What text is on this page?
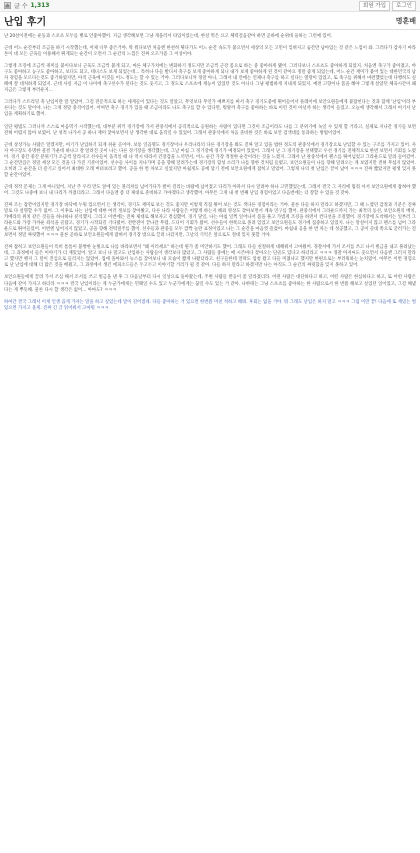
글 수 1,313	회원 가입	로그인
난입 후기	명훈배

난 20살이전에는 운동과 스포츠 모두를 별로 안좋아했어. 지금 생각해보면 그냥 게을러서 타입이었는데, 한살 먹은 요고 체력걸음같아 하면 곧바에 순위데 둘하는 그런예 있어.

근데 어느 순간부터 조금을 하기 시작했는데, 어제 너무 좋은거야. 딱 뭐다보면 처음엔 한천히 뛰다가도 어느 순간 속도가 붙으면서 세상의 모든 고민이 잊혀지고 숨간만 남아있는 것 같은 느낌이 와. 그러다가 갑자기 마라톤이 대 모든 근육들 이용해서 뛰게되는 순간이 오면서 그 순간의 느낌은 진짜 오르가즘 그 이상이야.

그렇게 조깅에 조금씩 취미를 붙이다보니 근육도 조금씩 붙게 되고, 마른 체구가치에는 변화하기 정도지만 조금씩 근강 몸으로 하는 중 좋아하게 됐어. 그러다보니 스포츠도 좋아하게 되었지. 처음엔 축구가 좋아졌고, 야구도 좋아하고 농구도 좋아하고, 보디도 되고, 테니스도 보게 되었는데... 특히나 다들 발디셔 축구를 보게 좋아하게 되니 내가 보게 좋아하게 된 것이 같아요 정말 좋게 되었는데, 어느 순간 재미가 붙어 있는 대한민국의 남자 경험을 모르다는것도 좋기하였지만, 아직 근육에 이것들 어느 정도는 할 수 있는 거야. 그러다보니까 정말 아니, 그래서 내 안에는 언제나 축구를 하고 싶다는 열망이 있었고, 또 축구를 위해서 마련했었는데 다행히도 실패에 잘 대처하게 되었지. 근데 사실 지금 이 나이에 축구선수가 된다는 것도 웃기고, 그 정도로 스포츠에 재능이 있었던 것도 아니니 그냥 평범하게 지내게 되었지. 예전 고향이나 몸을 해야 그렇게 살았던 체육시간이 왜 지금은 그렇게 부러운지...

그러다가 스트리밍 축 난입이란 말 알았어. 그걸 전문적으로 하는 세계들이 있다는 것도 알았고, 무엇보다 무언가 예쁘지를 써서 축구 경기도중에 뛰어들어서 플레이에 보안요원들에게 붙잡힌다는 것과 함께 '난입'이라 부른다는 것도 말이야. 나는 그게 정말 충격이었어. 어쩌면 축구 경기가 있을 때 조금이라도 나도 축구를 할 수 있다면, 뭐랄까 축구를 좋아하는 바로 이런 것이 아닐까 하는 생각이 들었고. 오늘에 생각해서 그래서 여기서 난입을 계획하기로 했어.

일단 평범도 그러니까 스스로 마음먹기 시작했는데, 대부분 위키 경기장에 가서 관중석에서 공격적으로 응원하는 사람이 있다면 그것이 조금이라도 나를 그 분위기에 녹일 수 있게 할 거라고, 실제로 지나간 경기들 보면 전혀 어렵지 않아 보였어. 난 성적 나가서 공 하나 재미 찾아보면서 난 생각한 대로 움직일 수 있었어. 그래서 관중석에서 처음 준비한 것은 바로 보안 검색대를 통과하는 방법이었어.

근데 상상가능 사람은 알겠지만, 여기가 난입하기 되게 쉬운 곳이야. 보통 일곱명도 경기장이나 우리나라의 다른 경기장을 봐도 진짜 알고 있을 법한 정도의 관중석에서 경기장으로 난입할 수 있는 구조를 가지고 있어. 사자 야구장도 유명한 물결 가운데 하나고 잘 알려진 곳이 나는 다른 경기장을 생각했는데, 그날 마침 그 경기장에 경기가 예정되어 있었어. 그래서 난 그 경기장을 선택했고 우선 경기를 전체적으로 한번 보면서 기회를 노렸어. 경기 중간 중간 분위기가 조금씩 달라지고 선수들이 움직일 때 나 역시 따라서 긴장감을 느끼면서, 어느 순간 가장 적절한 순간이라는 것을 느꼈지. 그래서 난 관중석에서 펜스를 뛰어넘었고 그라운드로 달려 들어갔어. 그 순간만큼은 정말 세상 모든 것을 다 가진 기분이었어. 선수들 사이를 지나가며 공을 향해 달려가는데 경기장의 함성 소리가 나를 향한 것처럼 들렸고, 보안요원들이 나를 향해 달려오는 게 보였지만 전혀 무섭지 않았어. 오히려 그 순간을 더 즐기고 싶어서 최대한 오래 버텨보려고 했어. 공을 한 번 차보고 싶었지만 아쉽게도 공에 닿기 전에 보안요원에게 잡히고 말았어. 그렇게 나의 첫 난입은 끝이 났어 ㅋㅋㅋ 진짜 짧았지만 평생 잊지 못할 순간이었어.

근데 정작 문제는 그게 아니었어, 지난 주 우리 만도 앞에 있는 블리쳐를 넘어가다가 발이 걸리는 바람에 넘어졌고 다리가 아파서 다시 달려야 하나 고민했었는데, 그래서 결국 그 자리에 멈춰 서서 보안요원에게 잡혀야 했어. 그것도 나중에 보니 내 다리가 까졌더라고. 그래서 다음엔 좀 더 제대로 준비하고 가야겠다고 생각했어. 아무튼 그게 내 첫 번째 난입 경험이었고 다음번에는 더 잘할 수 있을 것 같아.

진짜 조는 잠깐이었지만 경기장 바닥에 누워 있으면서 든 생각이, 경기도 재미로 보는 것도 좋지만 이렇게 직접 뛰어 보는 것도 색다른 경험이라는 거야. 물론 다들 하지 말라고 하겠지만, 그 때 느꼈던 감정과 기분은 진짜 말로 다 설명할 수가 없어. 그 이후로 나는 난입에 대한 여러 정보를 찾아봤고, 다른 나라 사람들은 어떻게 하는지 해외 영상도 찾아보면서 계속 연구를 했어. 관중석에서 그라운드까지 가는 최적의 동선, 보안요원의 배치, 카메라의 위치 같은 것들을 하나하나 분석했지. 그리고 이번에는 진짜 제대로 해보자고 결심했어. 경기 당일, 나는 아침 일찍 일어나서 몸을 풀고 가볍게 조깅을 하면서 컨디션을 조절했어. 경기장에 도착해서는 일부러 그라운드와 가장 가까운 좌석을 골랐고, 경기가 시작되길 기다렸어. 전반전이 끝나갈 무렵, 드디어 기회가 왔어. 선수들이 한쪽으로 몰려 있었고 보안요원들도 경기에 집중하고 있었지. 나는 망설이지 않고 펜스를 넘어 그라운드로 뛰어들었어. 이번엔 넘어지지 않았고, 공을 향해 전력질주를 했어. 선수들과 관중들 모두 깜짝 놀란 표정이었고 나는 그 순간을 마음껏 즐겼어. 마침내 공을 한 번 차는 데 성공했고, 그 공이 골대 쪽으로 굴러가는 걸 보면서 정말 짜릿했어 ㅋㅋㅋ 물론 곧바로 보안요원들에게 잡혀서 경기장 밖으로 끌려 나갔지만, 그날의 기억은 앞으로도 절대 잊지 못할 거야.

진짜 잡히고 보안요원들이 특히 틈틈이 불쌍한 눈빛으로 나를 바라보면서 "왜 이러세요" 하는데 뭔가 좀 미안하기도 했어. 그래도 다들 친절하게 대해줘서 고마웠어. 경찰서에 가서 조서를 쓰고 나서 벌금을 내고 풀려났는데, 그 과정에서 들은 이야기가 더 재밌었어. 알고 보니 나 말고도 난입하는 사람들이 생각보다 많았고, 그 사람들 중에는 매 시즌마다 찾아오는 단골도 있다고 하더라고 ㅋㅋㅋ 경찰 아저씨도 웃으면서 다음엔 그러지 말라고 했지만 왠지 그 말이 진심으로 들리지는 않았어. 집에 돌아와서 뉴스를 찾아보니 내 모습이 짧게 나왔더라고. 친구들한테 연락도 엄청 왔고 다들 미쳤냐고 했지만 한편으로는 부러워하는 눈치였어. 아무튼 이번 경험으로 난 난입에 대해 더 많은 것을 배웠고, 그 과정에서 생긴 에피소드들은 두고두고 이야기할 거리가 될 것 같아. 다들 하지 말라고 하겠지만 나는 아직도 그 순간의 짜릿함을 잊지 못하고 있어.

보안요원들에게 끌려 가서 조심 해서 조서를 쓰고 벌금을 낸 후 그 다음날부터 다시 일상으로 돌아왔는데, 주변 사람들 반응이 좀 달라졌더라. 어떤 사람은 대단하다고 하고, 어떤 사람은 한심하다고 하고, 또 어떤 사람은 다음에 같이 가자고 하더라 ㅋㅋㅋ 결국 난입이라는 게 누군가에게는 민폐일 수도 있고 누군가에게는 꿈일 수도 있는 거 같아. 나한테는 그냥 스포츠를 좋아하는 한 사람으로서 한 번쯤 해보고 싶었던 일이었고, 그걸 해냈다는 게 뿌듯해. 물론 다시 할 생각은 없어... 아마도? ㅋㅋㅋ

하여간 결국 그래서 이게 인생 곱게 가자는 말을 하고 싶었는데 말이 길어졌네. 다들 좋아하는 거 있으면 한번쯤 미친 척하고 해봐. 후회는 없을 거야. 뭐 그래도 난입은 하지 말고 ㅋㅋㅋ 그럼 이만 끝! 다음에 또 재밌는 썰 있으면 가지고 올게. 진짜 긴 글 읽어줘서 고마워 ㅋㅋㅋ
